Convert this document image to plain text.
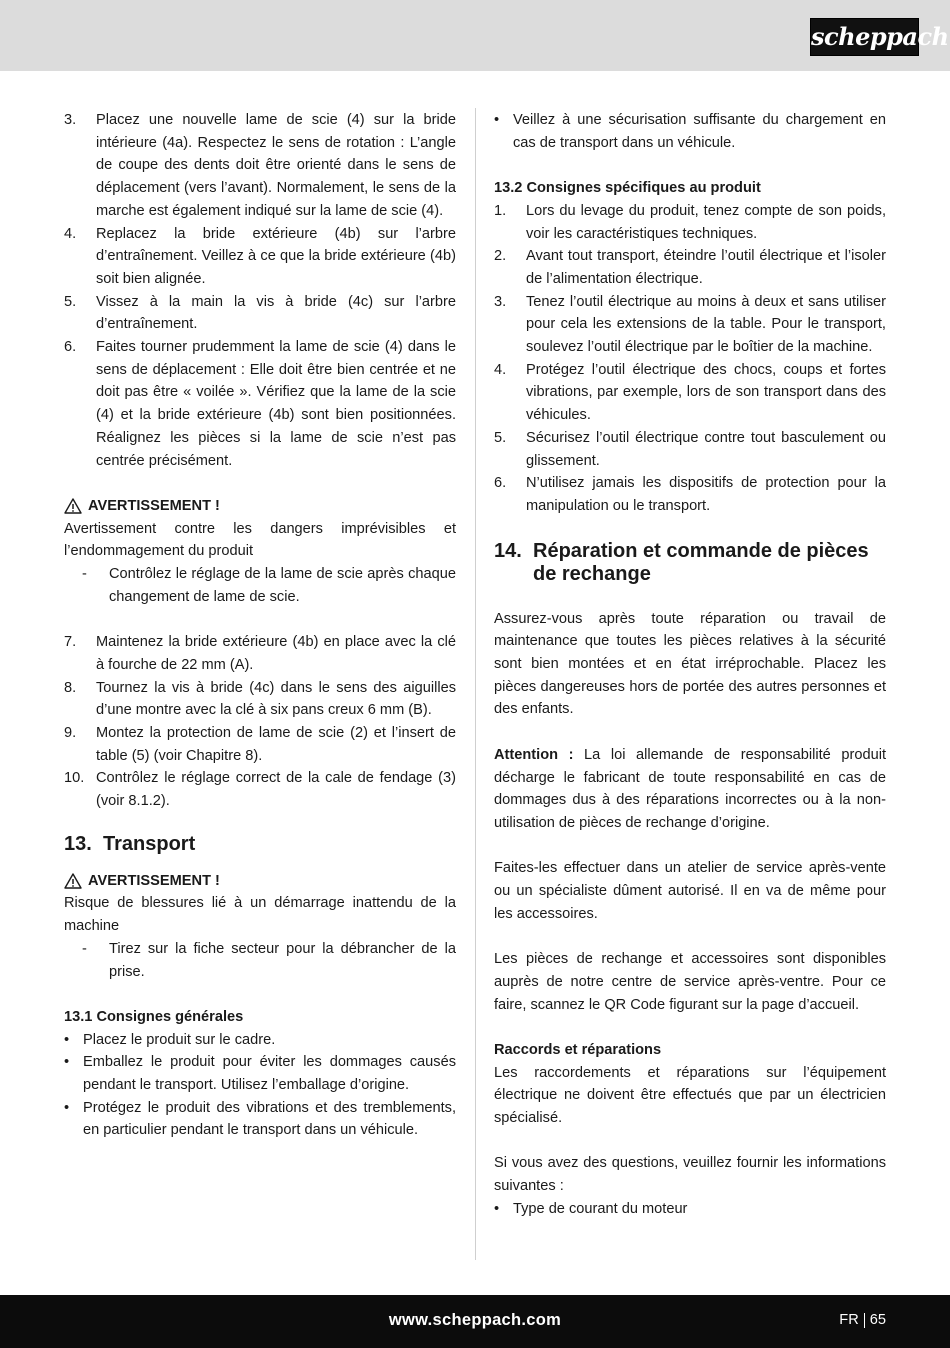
scheppach
3. Placez une nouvelle lame de scie (4) sur la bride intérieure (4a). Respectez le sens de rotation : L’angle de coupe des dents doit être orienté dans le sens de déplacement (vers l’avant). Normalement, le sens de la marche est également indiqué sur la lame de scie (4).
4. Replacez la bride extérieure (4b) sur l’arbre d’entraînement. Veillez à ce que la bride extérieure (4b) soit bien alignée.
5. Vissez à la main la vis à bride (4c) sur l’arbre d’entraînement.
6. Faites tourner prudemment la lame de scie (4) dans le sens de déplacement : Elle doit être bien centrée et ne doit pas être « voilée ». Vérifiez que la lame de la scie (4) et la bride extérieure (4b) sont bien positionnées. Réalignez les pièces si la lame de scie n’est pas centrée précisément.
AVERTISSEMENT !

Avertissement contre les dangers imprévisibles et l’endommagement du produit

- Contrôlez le réglage de la lame de scie après chaque changement de lame de scie.
7. Maintenez la bride extérieure (4b) en place avec la clé à fourche de 22 mm (A).
8. Tournez la vis à bride (4c) dans le sens des aiguilles d’une montre avec la clé à six pans creux 6 mm (B).
9. Montez la protection de lame de scie (2) et l’insert de table (5) (voir Chapitre 8).
10. Contrôlez le réglage correct de la cale de fendage (3) (voir 8.1.2).
13. Transport
AVERTISSEMENT !

Risque de blessures lié à un démarrage inattendu de la machine

- Tirez sur la fiche secteur pour la débrancher de la prise.
13.1 Consignes générales
• Placez le produit sur le cadre.
• Emballez le produit pour éviter les dommages causés pendant le transport. Utilisez l’emballage d’origine.
• Protégez le produit des vibrations et des tremblements, en particulier pendant le transport dans un véhicule.
• Veillez à une sécurisation suffisante du chargement en cas de transport dans un véhicule.
13.2 Consignes spécifiques au produit
1. Lors du levage du produit, tenez compte de son poids, voir les caractéristiques techniques.
2. Avant tout transport, éteindre l’outil électrique et l’isoler de l’alimentation électrique.
3. Tenez l’outil électrique au moins à deux et sans utiliser pour cela les extensions de la table. Pour le transport, soulevez l’outil électrique par le boîtier de la machine.
4. Protégez l’outil électrique des chocs, coups et fortes vibrations, par exemple, lors de son transport dans des véhicules.
5. Sécurisez l’outil électrique contre tout basculement ou glissement.
6. N’utilisez jamais les dispositifs de protection pour la manipulation ou le transport.
14. Réparation et commande de pièces de rechange

Assurez-vous après toute réparation ou travail de maintenance que toutes les pièces relatives à la sécurité sont bien montées et en état irréprochable. Placez les pièces dangereuses hors de portée des autres personnes et des enfants.

Attention : La loi allemande de responsabilité produit décharge le fabricant de toute responsabilité en cas de dommages dus à des réparations incorrectes ou à la non-utilisation de pièces de rechange d’origine.

Faites-les effectuer dans un atelier de service après-vente ou un spécialiste dûment autorisé. Il en va de même pour les accessoires.

Les pièces de rechange et accessoires sont disponibles auprès de notre centre de service après-ventre. Pour ce faire, scannez le QR Code figurant sur la page d’accueil.

Raccords et réparations

Les raccordements et réparations sur l’équipement électrique ne doivent être effectués que par un électricien spécialisé.

Si vous avez des questions, veuillez fournir les informations suivantes :

• Type de courant du moteur
www.scheppach.com	FR 65
